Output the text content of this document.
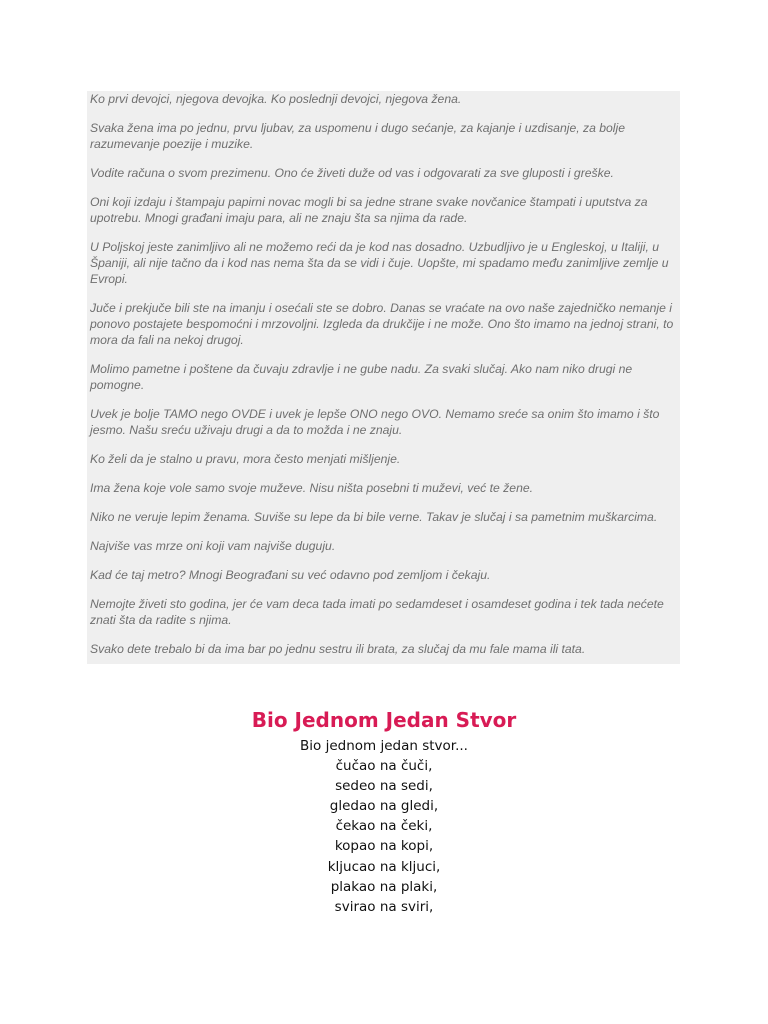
Ko prvi devojci, njegova devojka. Ko poslednji devojci, njegova žena.

Svaka žena ima po jednu, prvu ljubav, za uspomenu i dugo sećanje, za kajanje i uzdisanje, za bolje razumevanje poezije i muzike.

Vodite računa o svom prezimenu. Ono će živeti duže od vas i odgovarati za sve gluposti i greške.

Oni koji izdaju i štampaju papirni novac mogli bi sa jedne strane svake novčanice štampati i uputstva za upotrebu. Mnogi građani imaju para, ali ne znaju šta sa njima da rade.

U Poljskoj jeste zanimljivo ali ne možemo reći da je kod nas dosadno. Uzbudljivo je u Engleskoj, u Italiji, u Španiji, ali nije tačno da i kod nas nema šta da se vidi i čuje. Uopšte, mi spadamo među zanimljive zemlje u Evropi.

Juče i prekjuče bili ste na imanju i osećali ste se dobro. Danas se vraćate na ovo naše zajedničko nemanje i ponovo postajete bespomoćni i mrzovoljni. Izgleda da drukčije i ne može. Ono što imamo na jednoj strani, to mora da fali na nekoj drugoj.

Molimo pametne i poštene da čuvaju zdravlje i ne gube nadu. Za svaki slučaj. Ako nam niko drugi ne pomogne.

Uvek je bolje TAMO nego OVDE i uvek je lepše ONO nego OVO. Nemamo sreće sa onim što imamo i što jesmo. Našu sreću uživaju drugi a da to možda i ne znaju.

Ko želi da je stalno u pravu, mora često menjati mišljenje.

Ima žena koje vole samo svoje muževe. Nisu ništa posebni ti muževi, već te žene.

Niko ne veruje lepim ženama. Suviše su lepe da bi bile verne. Takav je slučaj i sa pametnim muškarcima.

Najviše vas mrze oni koji vam najviše duguju.

Kad će taj metro? Mnogi Beograđani su već odavno pod zemljom i čekaju.

Nemojte živeti sto godina, jer će vam deca tada imati po sedamdeset i osamdeset godina i tek tada nećete znati šta da radite s njima.

Svako dete trebalo bi da ima bar po jednu sestru ili brata, za slučaj da mu fale mama ili tata.

Bio Jednom Jedan Stvor
Bio jednom jedan stvor...
čučao na čuči,
sedeo na sedi,
gledao na gledi,
čekao na čeki,
kopao na kopi,
kljucao na kljuci,
plakao na plaki,
svirao na sviri,
